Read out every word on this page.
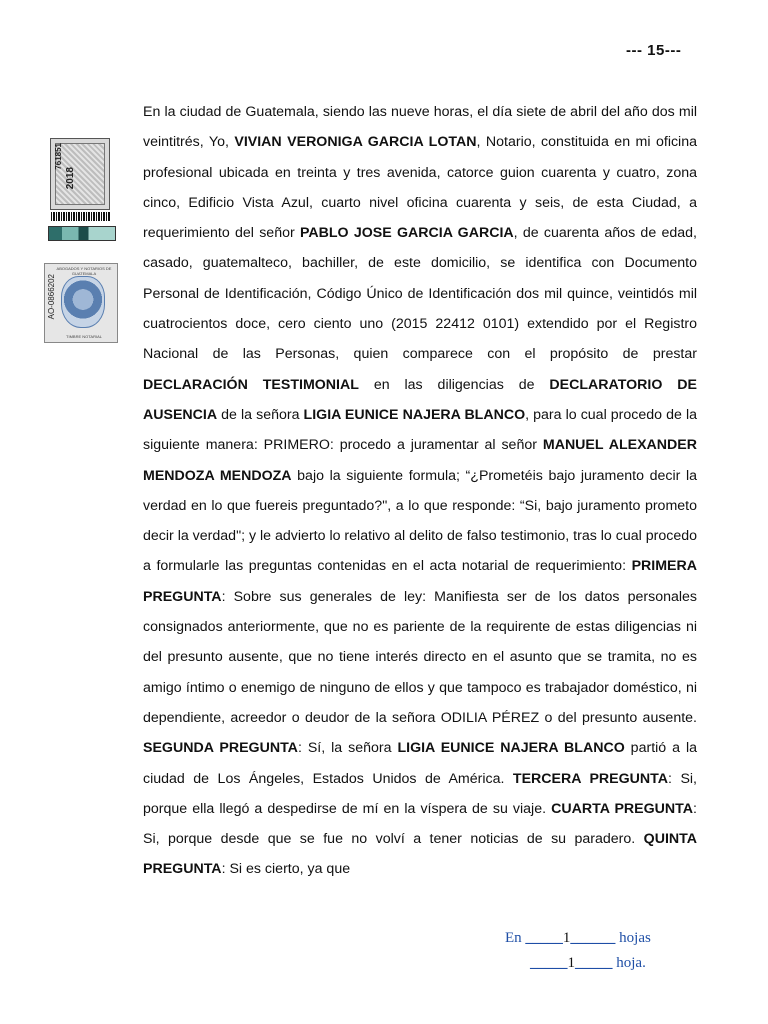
--- 15---
761851
2018
ABOGADOS Y NOTARIOS DE GUATEMALA
AO-0866202
TIMBRE NOTARIAL

En la ciudad de Guatemala, siendo las nueve horas, el día siete de abril del año dos mil veintitrés, Yo, VIVIAN VERONIGA GARCIA LOTAN, Notario, constituida en mi oficina profesional ubicada en treinta y tres avenida, catorce guion cuarenta y cuatro, zona cinco, Edificio Vista Azul, cuarto nivel oficina cuarenta y seis, de esta Ciudad, a requerimiento del señor PABLO JOSE GARCIA GARCIA, de cuarenta años de edad, casado, guatemalteco, bachiller, de este domicilio, se identifica con Documento Personal de Identificación, Código Único de Identificación dos mil quince, veintidós mil cuatrocientos doce, cero ciento uno (2015 22412 0101) extendido por el Registro Nacional de las Personas, quien comparece con el propósito de prestar DECLARACIÓN TESTIMONIAL en las diligencias de DECLARATORIO DE AUSENCIA de la señora LIGIA EUNICE NAJERA BLANCO, para lo cual procedo de la siguiente manera: PRIMERO: procedo a juramentar al señor MANUEL ALEXANDER MENDOZA MENDOZA bajo la siguiente formula; “¿Prometéis bajo juramento decir la verdad en lo que fuereis preguntado?", a lo que responde: “Si, bajo juramento prometo decir la verdad"; y le advierto lo relativo al delito de falso testimonio, tras lo cual procedo a formularle las preguntas contenidas en el acta notarial de requerimiento: PRIMERA PREGUNTA: Sobre sus generales de ley: Manifiesta ser de los datos personales consignados anteriormente, que no es pariente de la requirente de estas diligencias ni del presunto ausente, que no tiene interés directo en el asunto que se tramita, no es amigo íntimo o enemigo de ninguno de ellos y que tampoco es trabajador doméstico, ni dependiente, acreedor o deudor de la señora ODILIA PÉREZ o del presunto ausente. SEGUNDA PREGUNTA: Sí, la señora LIGIA EUNICE NAJERA BLANCO partió a la ciudad de Los Ángeles, Estados Unidos de América. TERCERA PREGUNTA: Si, porque ella llegó a despedirse de mí en la víspera de su viaje. CUARTA PREGUNTA: Si, porque desde que se fue no volví a tener noticias de su paradero. QUINTA PREGUNTA: Si es cierto, ya que

En _____1______ hojas
_____1_____ hoja.
